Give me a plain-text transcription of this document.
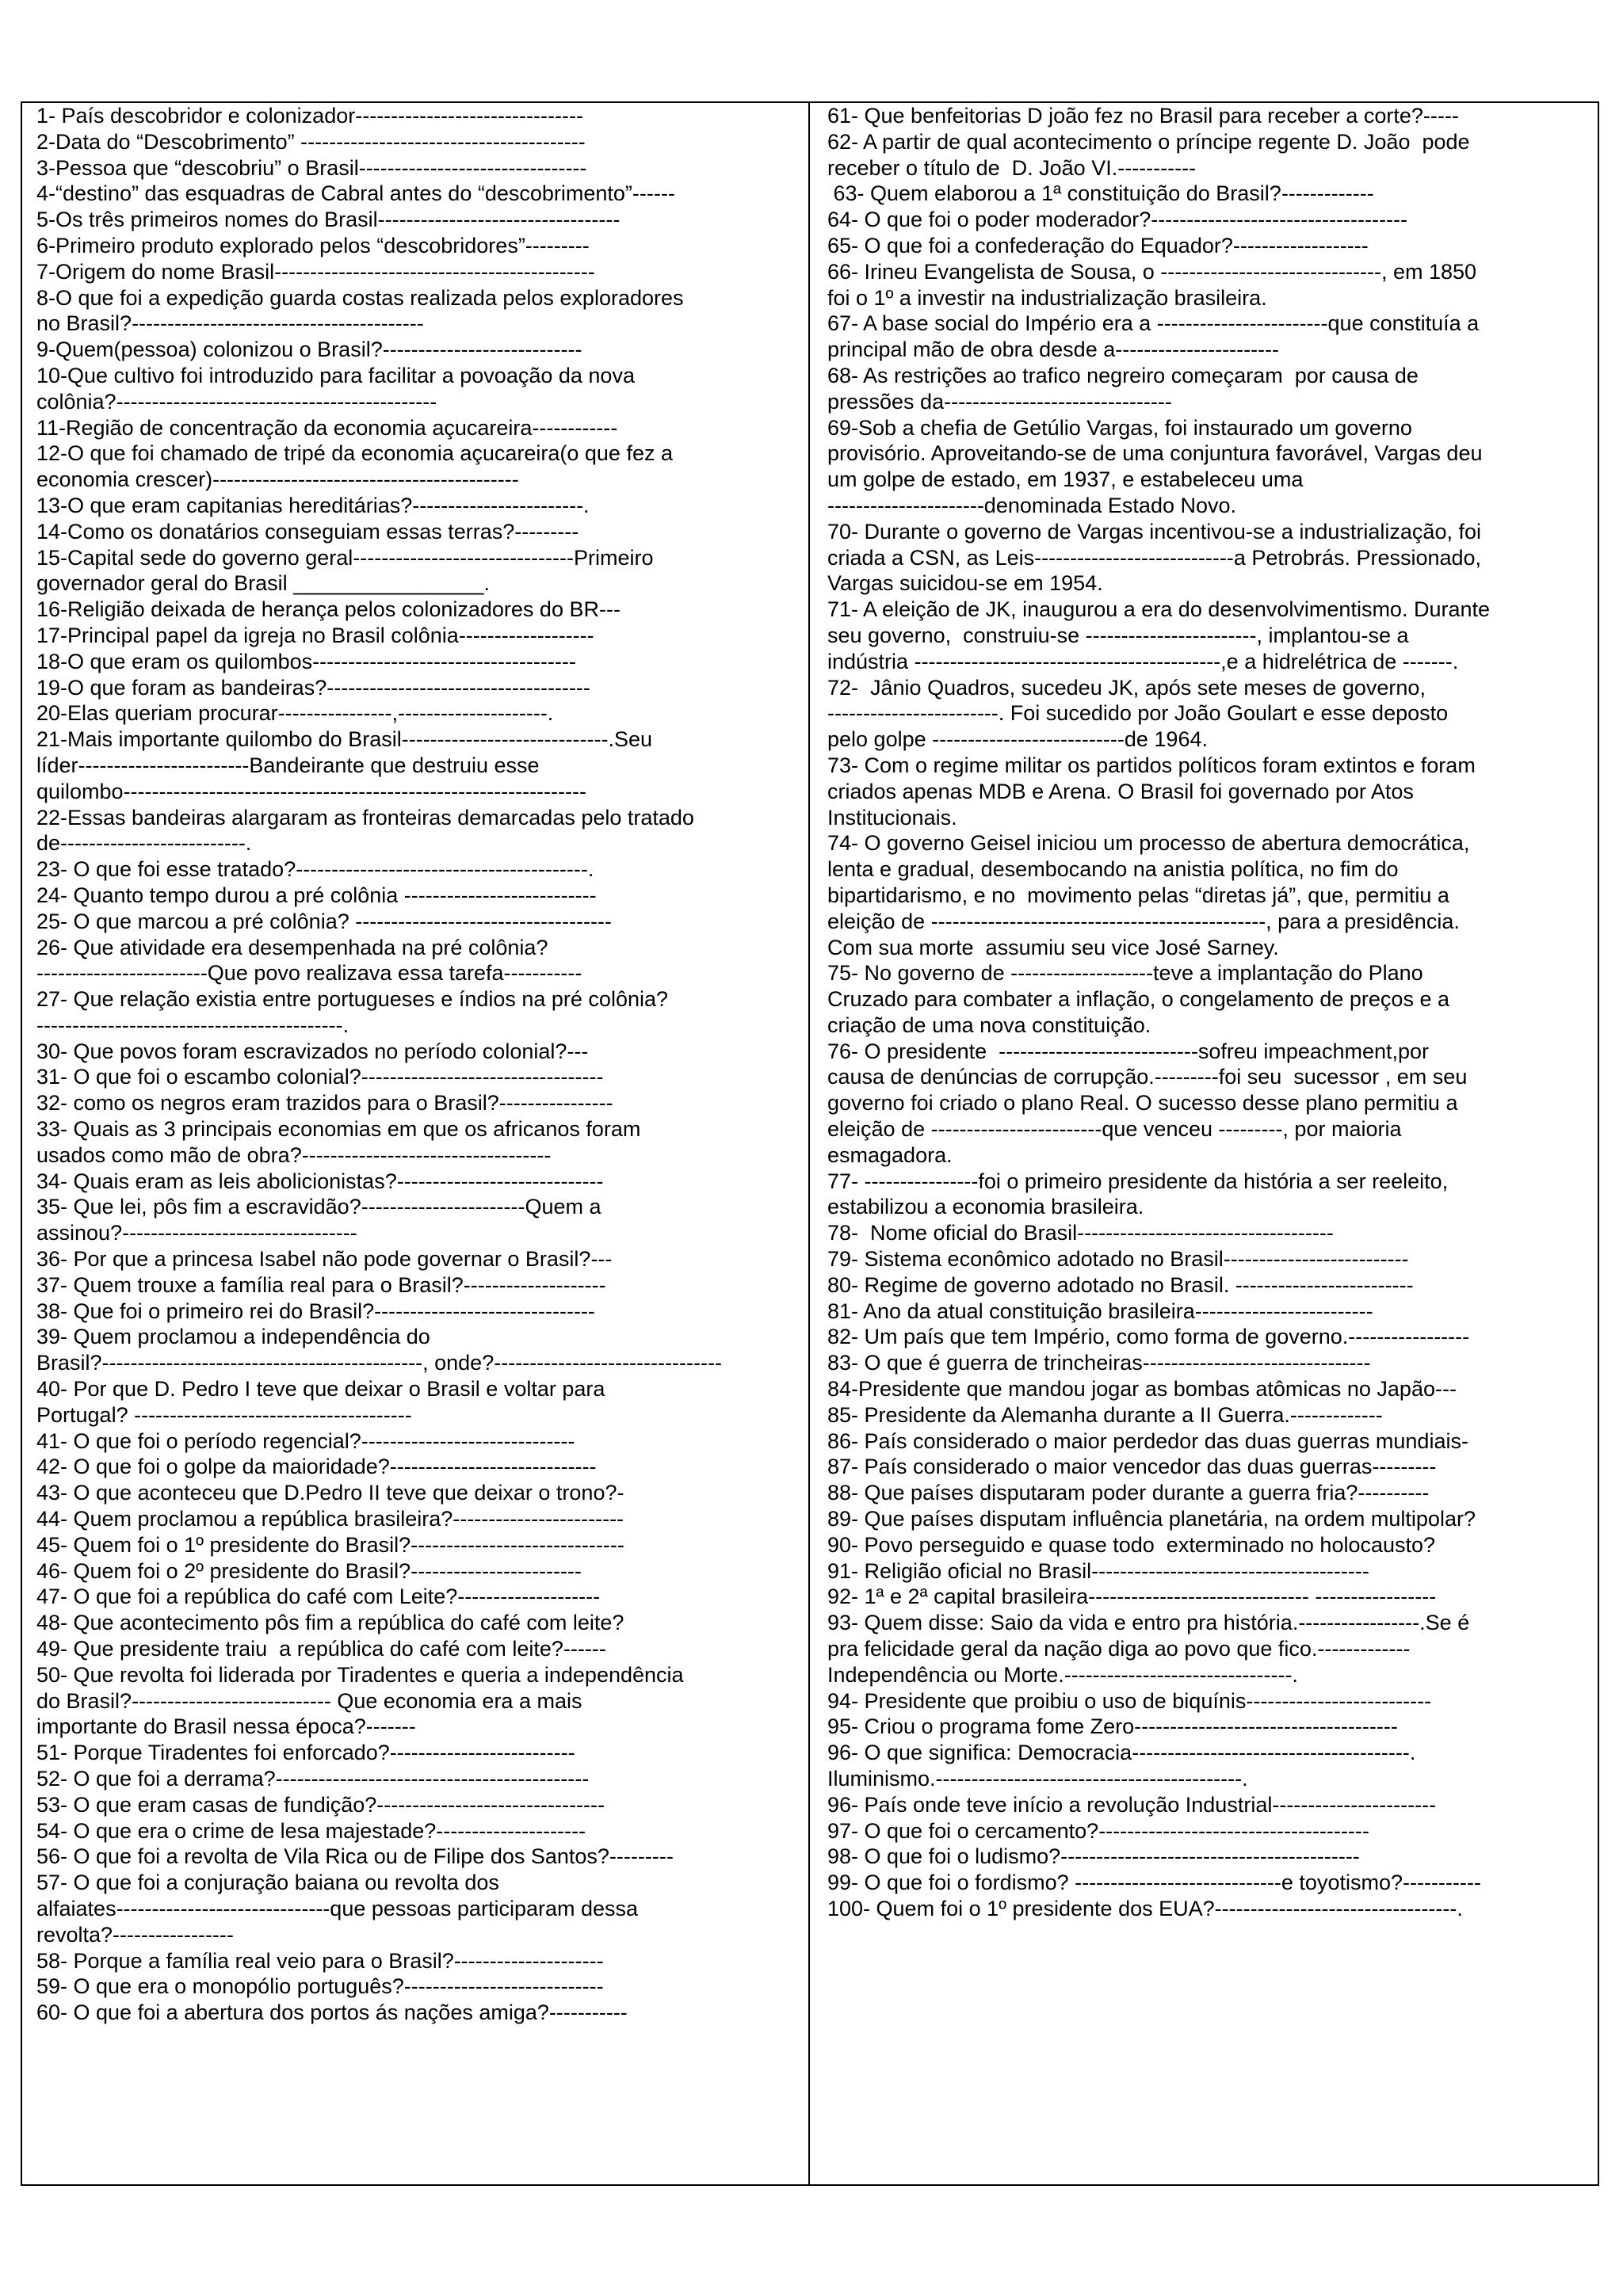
1- País descobridor e colonizador--------------------------------
2-Data do “Descobrimento” ----------------------------------------
3-Pessoa que “descobriu” o Brasil--------------------------------
4-“destino” das esquadras de Cabral antes do “descobrimento”------
5-Os três primeiros nomes do Brasil----------------------------------
6-Primeiro produto explorado pelos “descobridores”---------
7-Origem do nome Brasil---------------------------------------------
8-O que foi a expedição guarda costas realizada pelos exploradores
no Brasil?-----------------------------------------
9-Quem(pessoa) colonizou o Brasil?----------------------------
10-Que cultivo foi introduzido para facilitar a povoação da nova
colônia?---------------------------------------------
11-Região de concentração da economia açucareira------------
12-O que foi chamado de tripé da economia açucareira(o que fez a
economia crescer)-------------------------------------------
13-O que eram capitanias hereditárias?------------------------.
14-Como os donatários conseguiam essas terras?---------
15-Capital sede do governo geral-------------------------------Primeiro
governador geral do Brasil ________________.
16-Religião deixada de herança pelos colonizadores do BR---
17-Principal papel da igreja no Brasil colônia-------------------
18-O que eram os quilombos-------------------------------------
19-O que foram as bandeiras?-------------------------------------
20-Elas queriam procurar----------------,---------------------.
21-Mais importante quilombo do Brasil-----------------------------.Seu
líder------------------------Bandeirante que destruiu esse
quilombo-----------------------------------------------------------------
22-Essas bandeiras alargaram as fronteiras demarcadas pelo tratado
de--------------------------.
23- O que foi esse tratado?-----------------------------------------.
24- Quanto tempo durou a pré colônia ---------------------------
25- O que marcou a pré colônia? ------------------------------------
26- Que atividade era desempenhada na pré colônia?
------------------------Que povo realizava essa tarefa-----------
27- Que relação existia entre portugueses e índios na pré colônia?
-------------------------------------------.
30- Que povos foram escravizados no período colonial?---
31- O que foi o escambo colonial?----------------------------------
32- como os negros eram trazidos para o Brasil?----------------
33- Quais as 3 principais economias em que os africanos foram
usados como mão de obra?-----------------------------------
34- Quais eram as leis abolicionistas?-----------------------------
35- Que lei, pôs fim a escravidão?-----------------------Quem a
assinou?---------------------------------
36- Por que a princesa Isabel não pode governar o Brasil?---
37- Quem trouxe a família real para o Brasil?--------------------
38- Que foi o primeiro rei do Brasil?-------------------------------
39- Quem proclamou a independência do
Brasil?---------------------------------------------, onde?--------------------------------
40- Por que D. Pedro I teve que deixar o Brasil e voltar para
Portugal? ---------------------------------------
41- O que foi o período regencial?------------------------------
42- O que foi o golpe da maioridade?-----------------------------
43- O que aconteceu que D.Pedro II teve que deixar o trono?-
44- Quem proclamou a república brasileira?------------------------
45- Quem foi o 1º presidente do Brasil?------------------------------
46- Quem foi o 2º presidente do Brasil?------------------------
47- O que foi a república do café com Leite?--------------------
48- Que acontecimento pôs fim a república do café com leite?
49- Que presidente traiu  a república do café com leite?------
50- Que revolta foi liderada por Tiradentes e queria a independência
do Brasil?---------------------------- Que economia era a mais
importante do Brasil nessa época?-------
51- Porque Tiradentes foi enforcado?--------------------------
52- O que foi a derrama?--------------------------------------------
53- O que eram casas de fundição?--------------------------------
54- O que era o crime de lesa majestade?---------------------
56- O que foi a revolta de Vila Rica ou de Filipe dos Santos?---------
57- O que foi a conjuração baiana ou revolta dos
alfaiates------------------------------que pessoas participaram dessa
revolta?-----------------
58- Porque a família real veio para o Brasil?---------------------
59- O que era o monopólio português?----------------------------
60- O que foi a abertura dos portos ás nações amiga?-----------
61- Que benfeitorias D joão fez no Brasil para receber a corte?-----
62- A partir de qual acontecimento o príncipe regente D. João  pode
receber o título de  D. João VI.-----------
63- Quem elaborou a 1ª constituição do Brasil?-------------
64- O que foi o poder moderador?------------------------------------
65- O que foi a confederação do Equador?-------------------
66- Irineu Evangelista de Sousa, o -------------------------------, em 1850
foi o 1º a investir na industrialização brasileira.
67- A base social do Império era a ------------------------que constituía a
principal mão de obra desde a-----------------------
68- As restrições ao trafico negreiro começaram  por causa de
pressões da--------------------------------
69-Sob a chefia de Getúlio Vargas, foi instaurado um governo
provisório. Aproveitando-se de uma conjuntura favorável, Vargas deu
um golpe de estado, em 1937, e estabeleceu uma
----------------------denominada Estado Novo.
70- Durante o governo de Vargas incentivou-se a industrialização, foi
criada a CSN, as Leis----------------------------a Petrobrás. Pressionado,
Vargas suicidou-se em 1954.
71- A eleição de JK, inaugurou a era do desenvolvimentismo. Durante
seu governo,  construiu-se ------------------------, implantou-se a
indústria -------------------------------------------,e a hidrelétrica de -------.
72-  Jânio Quadros, sucedeu JK, após sete meses de governo,
------------------------. Foi sucedido por João Goulart e esse deposto
pelo golpe ---------------------------de 1964.
73- Com o regime militar os partidos políticos foram extintos e foram
criados apenas MDB e Arena. O Brasil foi governado por Atos
Institucionais.
74- O governo Geisel iniciou um processo de abertura democrática,
lenta e gradual, desembocando na anistia política, no fim do
bipartidarismo, e no  movimento pelas “diretas já”, que, permitiu a
eleição de -----------------------------------------------, para a presidência.
Com sua morte  assumiu seu vice José Sarney.
75- No governo de --------------------teve a implantação do Plano
Cruzado para combater a inflação, o congelamento de preços e a
criação de uma nova constituição.
76- O presidente  ----------------------------sofreu impeachment,por
causa de denúncias de corrupção.---------foi seu  sucessor , em seu
governo foi criado o plano Real. O sucesso desse plano permitiu a
eleição de ------------------------que venceu ---------, por maioria
esmagadora.
77- ----------------foi o primeiro presidente da história a ser reeleito,
estabilizou a economia brasileira.
78-  Nome oficial do Brasil------------------------------------
79- Sistema econômico adotado no Brasil--------------------------
80- Regime de governo adotado no Brasil. -------------------------
81- Ano da atual constituição brasileira-------------------------
82- Um país que tem Império, como forma de governo.-----------------
83- O que é guerra de trincheiras--------------------------------
84-Presidente que mandou jogar as bombas atômicas no Japão---
85- Presidente da Alemanha durante a II Guerra.-------------
86- País considerado o maior perdedor das duas guerras mundiais-
87- País considerado o maior vencedor das duas guerras---------
88- Que países disputaram poder durante a guerra fria?----------
89- Que países disputam influência planetária, na ordem multipolar?
90- Povo perseguido e quase todo  exterminado no holocausto?
91- Religião oficial no Brasil---------------------------------------
92- 1ª e 2ª capital brasileira------------------------------- -----------------
93- Quem disse: Saio da vida e entro pra história.-----------------.Se é
pra felicidade geral da nação diga ao povo que fico.-------------
Independência ou Morte.--------------------------------.
94- Presidente que proibiu o uso de biquínis--------------------------
95- Criou o programa fome Zero-------------------------------------
96- O que significa: Democracia---------------------------------------.
Iluminismo.-------------------------------------------.
96- País onde teve início a revolução Industrial-----------------------
97- O que foi o cercamento?--------------------------------------
98- O que foi o ludismo?------------------------------------------
99- O que foi o fordismo? -----------------------------e toyotismo?-----------
100- Quem foi o 1º presidente dos EUA?----------------------------------.
